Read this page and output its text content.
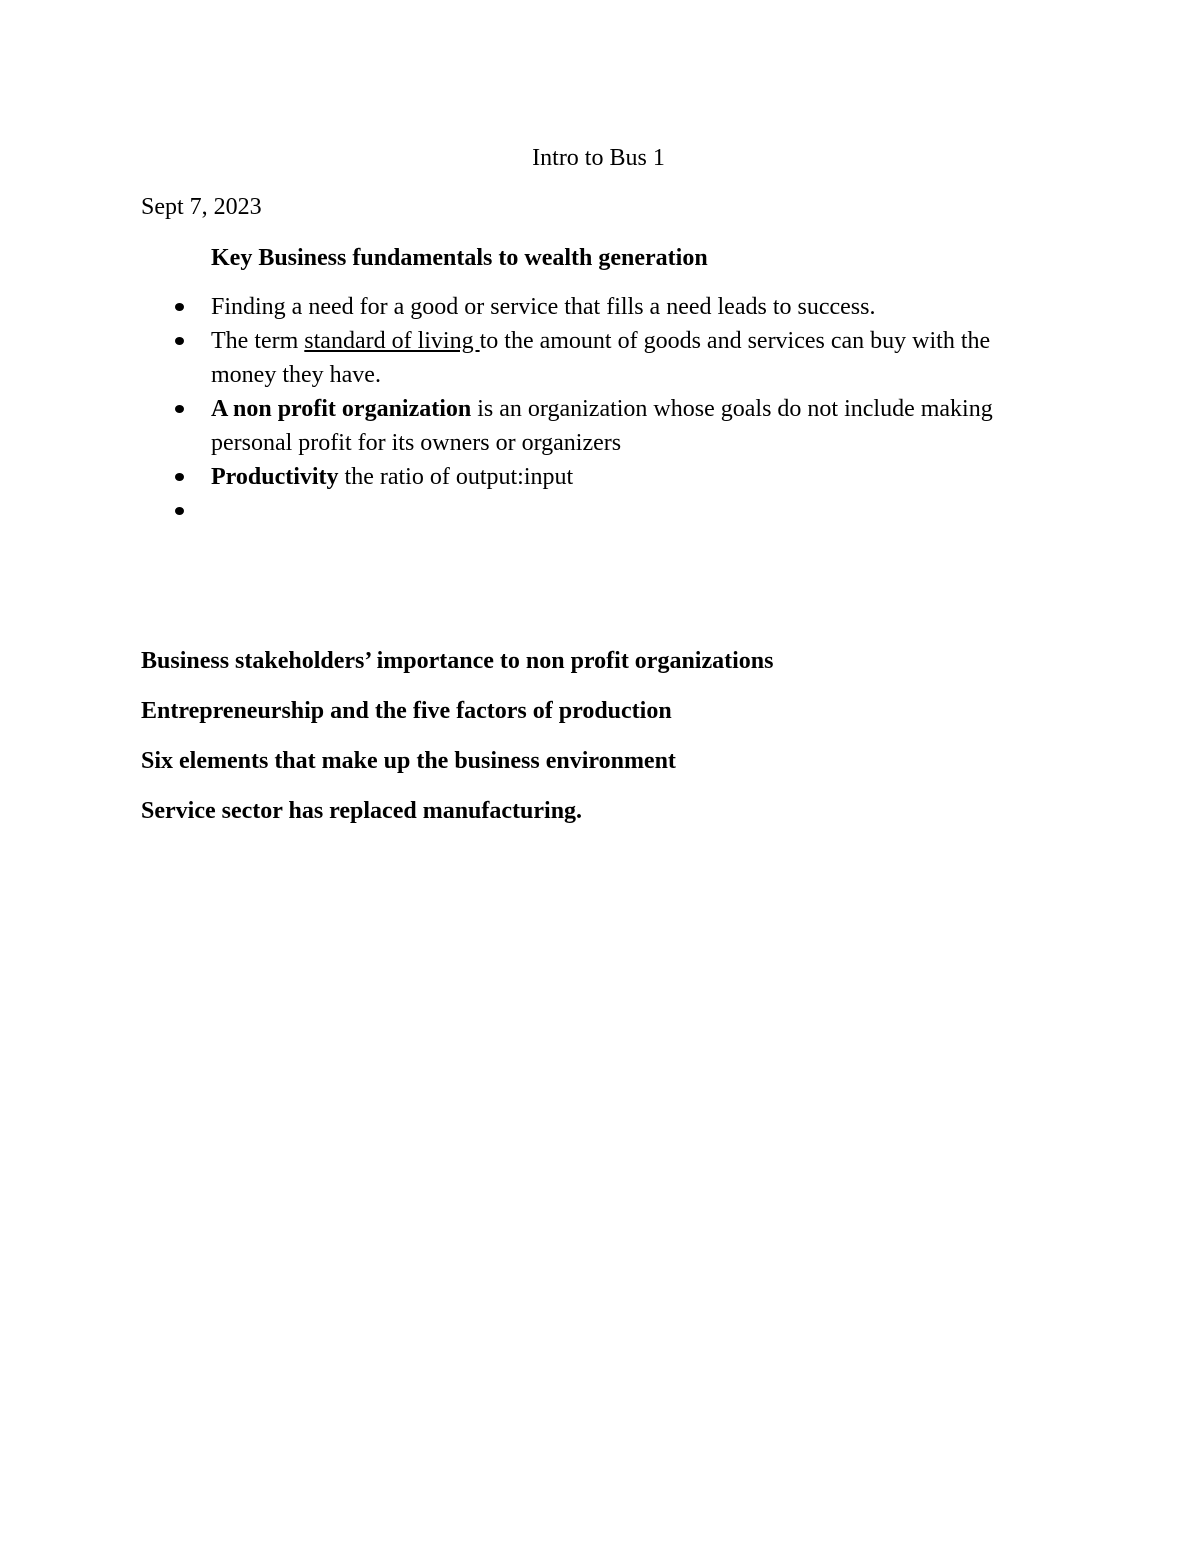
Intro to Bus 1
Sept 7, 2023
Key Business fundamentals to wealth generation
Finding a need for a good or service that fills a need leads to success.
The term standard of living to the amount of goods and services can buy with the money they have.
A non profit organization is an organization whose goals do not include making personal profit for its owners or organizers
Productivity the ratio of output:input
Business stakeholders’ importance to non profit organizations
Entrepreneurship and the five factors of production
Six elements that make up the business environment
Service sector has replaced manufacturing.
